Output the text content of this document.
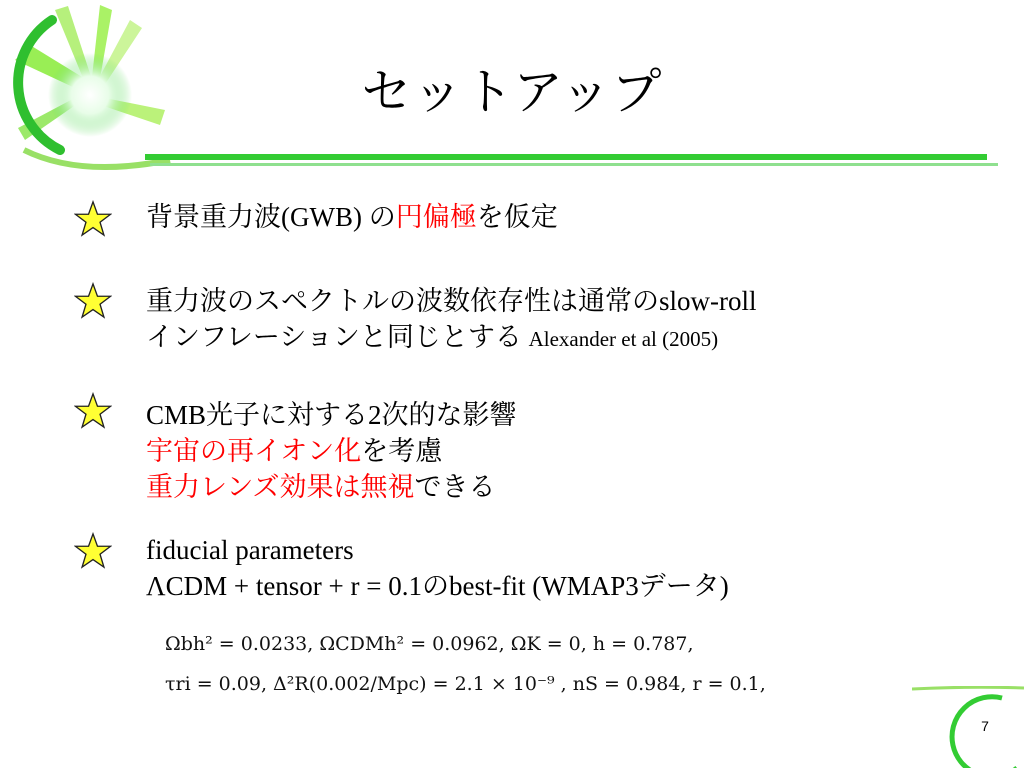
セットアップ
背景重力波(GWB) の円偏極を仮定
重力波のスペクトルの波数依存性は通常のslow-roll
インフレーションと同じとする Alexander et al (2005)
CMB光子に対する2次的な影響
宇宙の再イオン化を考慮
重力レンズ効果は無視できる
fiducial parameters
ΛCDM + tensor + r = 0.1のbest-fit (WMAP3データ)
Ωbh² = 0.0233, ΩCDMh² = 0.0962, ΩK = 0, h = 0.787,
τri = 0.09, Δ²R(0.002/Mpc) = 2.1 × 10⁻⁹ , nS = 0.984, r = 0.1,
7
